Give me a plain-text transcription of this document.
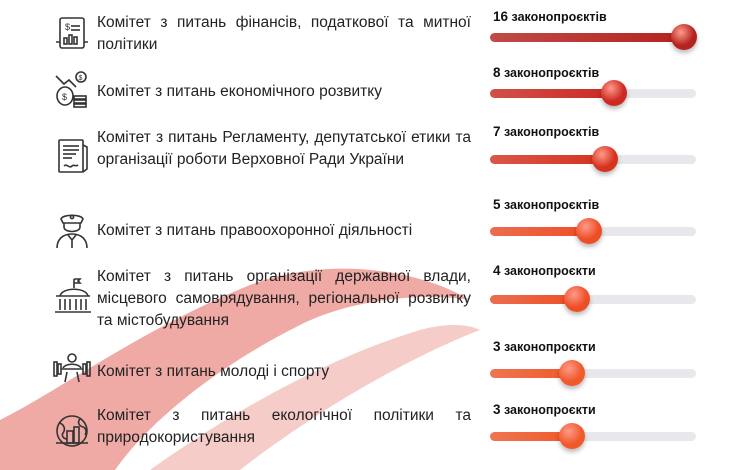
$ Комітет з питань фінансів, податкової та митної політики
16 законопроєктів
$
$ Комітет з питань економічного розвитку
8 законопроєктів
Комітет з питань Регламенту, депутатської етики та організації роботи Верховної Ради України
7 законопроєктів
Комітет з питань правоохоронної діяльності
5 законопроєктів
Комітет з питань організації державної влади, місцевого самоврядування, регіональної розвитку та містобудування
4 законопроєкти
Комітет з питань молоді і спорту
3 законопроєкти
Комітет з питань екологічної політики та природокористування
3 законопроєкти
